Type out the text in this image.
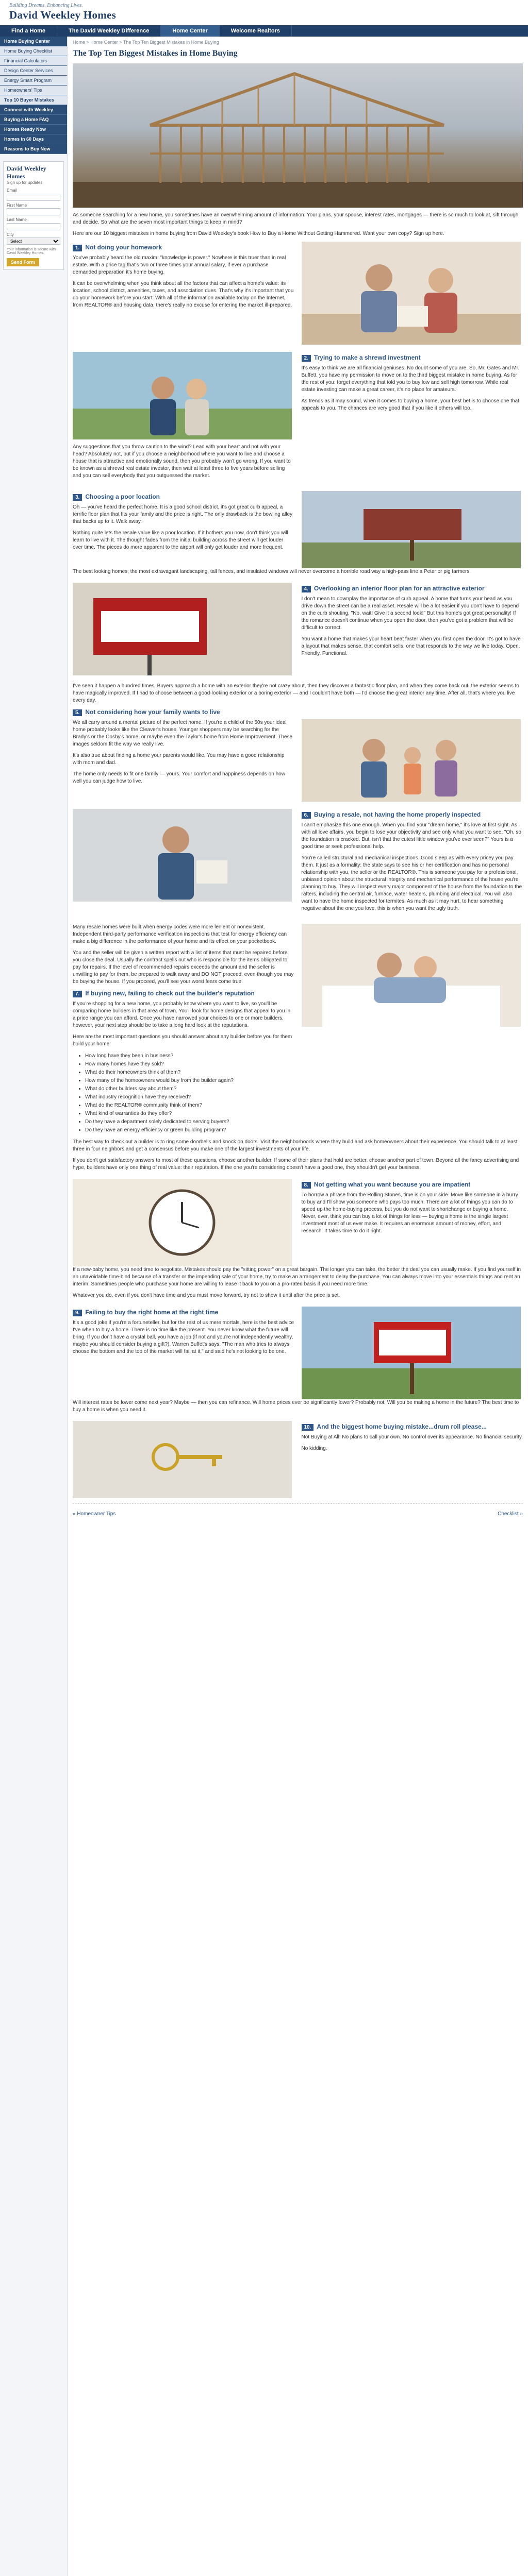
Building Dreams. Enhancing Lives.
David Weekley Homes
Find a Home	The David Weekley Difference	Home Center	Welcome Realtors
Home Buying Center
Home Buying Checklist
Financial Calculators
Design Center Services
Energy Smart Program
Homeowners' Tips
Top 10 Buyer Mistakes
Connect with Weekley
Buying a Home FAQ
Homes Ready Now
Homes in 60 Days
Reasons to Buy Now
David Weekley Homes
Sign up for updates
Email
First Name
Last Name
City
Select
Your information is secure with David Weekley Homes.
Send Form
Home > Home Center > The Top Ten Biggest Mistakes in Home Buying
The Top Ten Biggest Mistakes in Home Buying

As someone searching for a new home, you sometimes have an overwhelming amount of information. Your plans, your spouse, interest rates, mortgages — there is so much to look at, sift through and decide. So what are the seven most important things to keep in mind?

Here are our 10 biggest mistakes in home buying from David Weekley's book How to Buy a Home Without Getting Hammered. Want your own copy? Sign up here.

1. Not doing your homework

You've probably heard the old maxim: "knowledge is power." Nowhere is this truer than in real estate. With a price tag that's two or three times your annual salary, if ever a purchase demanded preparation it's home buying.

It can be overwhelming when you think about all the factors that can affect a home's value: its location, school district, amenities, taxes, and association dues. That's why it's important that you do your homework before you start. With all of the information available today on the Internet, from REALTOR® and housing data, there's really no excuse for entering the market ill-prepared.

Any suggestions that you throw caution to the wind? Lead with your heart and not with your head? Absolutely not, but if you choose a neighborhood where you want to live and choose a house that is attractive and emotionally sound, then you probably won't go wrong. If you want to be known as a shrewd real estate investor, then wait at least three to five years before selling and you can sell everybody that you outguessed the market.

2. Trying to make a shrewd investment

It's easy to think we are all financial geniuses. No doubt some of you are. So, Mr. Gates and Mr. Buffett, you have my permission to move on to the third biggest mistake in home buying. As for the rest of you: forget everything that told you to buy low and sell high tomorrow. While real estate investing can make a great career, it's no place for amateurs.

As trends as it may sound, when it comes to buying a home, your best bet is to choose one that appeals to you. The chances are very good that if you like it others will too.

3. Choosing a poor location

Oh — you've heard the perfect home. It is a good school district, it's got great curb appeal, a terrific floor plan that fits your family and the price is right. The only drawback is the bowling alley that backs up to it. Walk away.

Nothing quite lets the resale value like a poor location. If it bothers you now, don't think you will learn to live with it. The thought fades from the initial building across the street will get louder over time. The pieces do more apparent to the airport will only get louder and more frequent.

The best looking homes, the most extravagant landscaping, tall fences, and insulated windows will never overcome a horrible road way a high-pass line a Peter or pig farmers.

4. Overlooking an inferior floor plan for an attractive exterior

I don't mean to downplay the importance of curb appeal. A home that turns your head as you drive down the street can be a real asset. Resale will be a lot easier if you don't have to depend on the curb shouting, "No, wait! Give it a second look!" But this home's got great personality! If the romance doesn't continue when you open the door, then you've got a problem that will be difficult to correct.

You want a home that makes your heart beat faster when you first open the door. It's got to have a layout that makes sense, that comfort sells, one that responds to the way we live today. Open. Friendly. Functional.

I've seen it happen a hundred times. Buyers approach a home with an exterior they're not crazy about, then they discover a fantastic floor plan, and when they come back out, the exterior seems to have magically improved. If I had to choose between a good-looking exterior or a boring exterior — and I couldn't have both — I'd choose the great interior any time. After all, that's where you live every day.

5. Not considering how your family wants to live

We all carry around a mental picture of the perfect home. If you're a child of the 50s your ideal home probably looks like the Cleaver's house. Younger shoppers may be searching for the Brady's or the Cosby's home, or maybe even the Taylor's home from Home Improvement. These images seldom fit the way we really live.

It's also true about finding a home your parents would like. You may have a good relationship with mom and dad.

The home only needs to fit one family — yours. Your comfort and happiness depends on how well you can judge how to live.

6. Buying a resale, not having the home properly inspected

I can't emphasize this one enough. When you find your "dream home," it's love at first sight. As with all love affairs, you begin to lose your objectivity and see only what you want to see. "Oh, so the foundation is cracked. But, isn't that the cutest little window you've ever seen?" Yours is a good time or seek professional help.

You're called structural and mechanical inspections. Good sleep as with every pricey you pay them. It just as a formality: the state says to see his or her certification and has no personal relationship with you, the seller or the REALTOR®. This is someone you pay for a professional, unbiased opinion about the structural integrity and mechanical performance of the house you're planning to buy. They will inspect every major component of the house from the foundation to the rafters, including the central air, furnace, water heaters, plumbing and electrical. You will also want to have the home inspected for termites. As much as it may hurt, to hear something negative about the one you love, this is when you want the ugly truth.

Many resale homes were built when energy codes were more lenient or nonexistent. Independent third-party performance verification inspections that test for energy efficiency can make a big difference in the performance of your home and its effect on your pocketbook.

You and the seller will be given a written report with a list of items that must be repaired before you close the deal. Usually the contract spells out who is responsible for the items obligated to pay for repairs. If the level of recommended repairs exceeds the amount and the seller is unwilling to pay for them, be prepared to walk away and DO NOT proceed, even though you may be buying the house. If you proceed, you'll see your worst fears come true.

7. If buying new, failing to check out the builder's reputation

If you're shopping for a new home, you probably know where you want to live, so you'll be comparing home builders in that area of town. You'll look for home designs that appeal to you in a price range you can afford. Once you have narrowed your choices to one or more builders, however, your next step should be to take a long hard look at the reputations.

Here are the most important questions you should answer about any builder before you for them build your home:

• How long have they been in business?
• How many homes have they sold?
• What do their homeowners think of them?
• How many of the homeowners would buy from the builder again?
• What do other builders say about them?
• What industry recognition have they received?
• What do the REALTOR® community think of them?
• What kind of warranties do they offer?
• Do they have a department solely dedicated to serving buyers?
• Do they have an energy efficiency or green building program?

The best way to check out a builder is to ring some doorbells and knock on doors. Visit the neighborhoods where they build and ask homeowners about their experience. You should talk to at least three in four neighbors and get a consensus before you make one of the largest investments of your life.

If you don't get satisfactory answers to most of these questions, choose another builder. If some of their plans that hold are better, choose another part of town. Beyond all the fancy advertising and hype, builders have only one thing of real value: their reputation. If the one you're considering doesn't have a good one, they shouldn't get your business.

8. Not getting what you want because you are impatient

To borrow a phrase from the Rolling Stones, time is on your side. Move like someone in a hurry to buy and I'll show you someone who pays too much. There are a lot of things you can do to speed up the home-buying process, but you do not want to shortchange or buying a home. Never, ever, think you can buy a lot of things for less — buying a home is the single largest investment most of us ever make. It requires an enormous amount of money, effort, and research. It takes time to do it right.

If a new-baby home, you need time to negotiate. Mistakes should pay the "sitting power" on a great bargain. The longer you can take, the better the deal you can usually make. If you find yourself in an unavoidable time-bind because of a transfer or the impending sale of your home, try to make an arrangement to delay the purchase. You can always move into your essentials things and rent an interim. Sometimes people who purchase your home are willing to lease it back to you on a pro-rated basis if you need more time.

Whatever you do, even if you don't have time and you must move forward, try not to show it until after the price is set.

9. Failing to buy the right home at the right time

It's a good joke if you're a fortuneteller, but for the rest of us mere mortals, here is the best advice I've when to buy a home. There is no time like the present. You never know what the future will bring. If you don't have a crystal ball, you have a job (if not and you're not independently wealthy, maybe you should consider buying a gift?), Warren Buffet's says, "The man who tries to always choose the bottom and the top of the market will fail at it," and said he's not looking to be one.

Will interest rates be lower come next year? Maybe — then you can refinance. Will home prices ever be significantly lower? Probably not. Will you be making a home in the future? The best time to buy a home is when you need it.

10. And the biggest home buying mistake...drum roll please...

Not Buying at All! No plans to call your own. No control over its appearance. No financial security.

No kidding.

« Homeowner Tips	Checklist »
